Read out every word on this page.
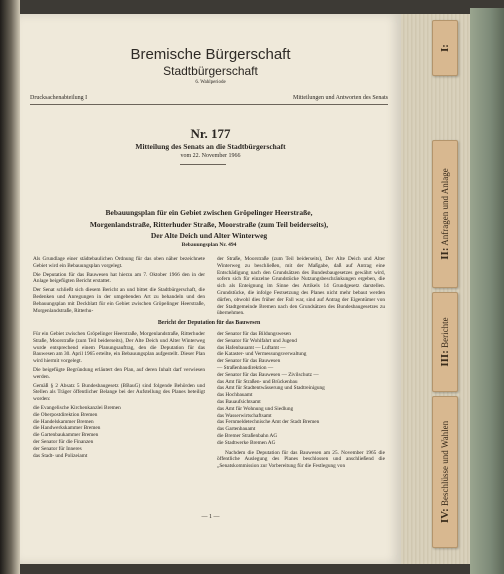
I:
II: Anfragen und Anlage
III: Berichte
IV: Beschlüsse und Wahlen
Bremische Bürgerschaft
Stadtbürgerschaft
6. Wahlperiode
Drucksachenabteilung I	Mitteilungen und Antworten des Senats
Nr. 177
Mitteilung des Senats an die Stadtbürgerschaft
vom 22. November 1966
Bebauungsplan für ein Gebiet zwischen Gröpelinger Heerstraße,
Morgenlandstraße, Ritterhuder Straße, Moorstraße (zum Teil beiderseits),
Der Alte Deich und Alter Winterweg
Bebauungsplan Nr. 494

Als Grundlage einer städtebaulichen Ordnung für das oben näher bezeichnete Gebiet wird ein Bebauungsplan vorgelegt.

Die Deputation für das Bauwesen hat hierzu am 7. Oktober 1966 den in der Anlage beigefügten Bericht erstattet.

Der Senat schließt sich diesem Bericht an und bittet die Stadtbürgerschaft, die Bedenken und Anregungen in der umgebenden Art zu behandeln und den Bebauungsplan mit Deckblatt für ein Gebiet zwischen Gröpelinger Heerstraße, Morgenlandstraße, Ritterhu-

der Straße, Moorstraße (zum Teil beiderseits), Der Alte Deich und Alter Winterweg zu beschließen, mit der Maßgabe, daß auf Antrag eine Entschädigung nach den Grundsätzen des Bundesbaugesetzes gewährt wird, sofern sich für einzelne Grundstücke Nutzungsbeschränkungen ergeben, die sich als Enteignung im Sinne des Artikels 14 Grundgesetz darstellen. Grundstücke, die infolge Festsetzung des Planes nicht mehr bebaut werden dürfen, obwohl dies früher der Fall war, sind auf Antrag der Eigentümer von der Stadtgemeinde Bremen nach den Grundsätzen des Bundesbaugesetzes zu übernehmen.

Bericht der Deputation für das Bauwesen

Für ein Gebiet zwischen Gröpelinger Heerstraße, Morgenlandstraße, Ritterhuder Straße, Moorstraße (zum Teil beiderseits), Der Alte Deich und Alter Winterweg wurde entsprechend einem Planungsauftrag, den die Deputation für das Bauwesen am 30. April 1965 erteilte, ein Bebauungsplan aufgestellt. Dieser Plan wird hiermit vorgelegt.

Die beigefügte Begründung erläutert den Plan, auf deren Inhalt darf verwiesen werden.

Gemäß § 2 Absatz 5 Bundesbaugesetz (BBauG) sind folgende Behörden und Stellen als Träger öffentlicher Belange bei der Aufstellung des Planes beteiligt worden:

die Evangelische Kirchenkanzlei Bremen
die Oberpostdirektion Bremen
die Handelskammer Bremen
die Handwerkskammer Bremen
die Gartenbaukammer Bremen
der Senator für die Finanzen
der Senator für Inneres
das Stadt- und Polizeiamt
der Senator für das Bildungswesen
der Senator für Wohlfahrt und Jugend
das Hafenbauamt — Luftamt —
die Kataster- und Vermessungsverwaltung
der Senator für das Bauwesen
— Straßenbaudirektion —
der Senator für das Bauwesen — Zivilschutz —
das Amt für Straßen- und Brückenbau
das Amt für Stadtentwässerung und Stadtreinigung
das Hochbauamt
das Bauaufsichtsamt
das Amt für Wohnung und Siedlung
das Wasserwirtschaftsamt
das Fernmeldetechnische Amt der Stadt Bremen
das Gartenbauamt
die Bremer Straßenbahn AG
die Stadtwerke Bremen AG

Nachdem die Deputation für das Bauwesen am 25. November 1965 die öffentliche Auslegung des Planes beschlossen und anschließend die „Senatskommission zur Vorbereitung für die Festlegung von

— 1 —
